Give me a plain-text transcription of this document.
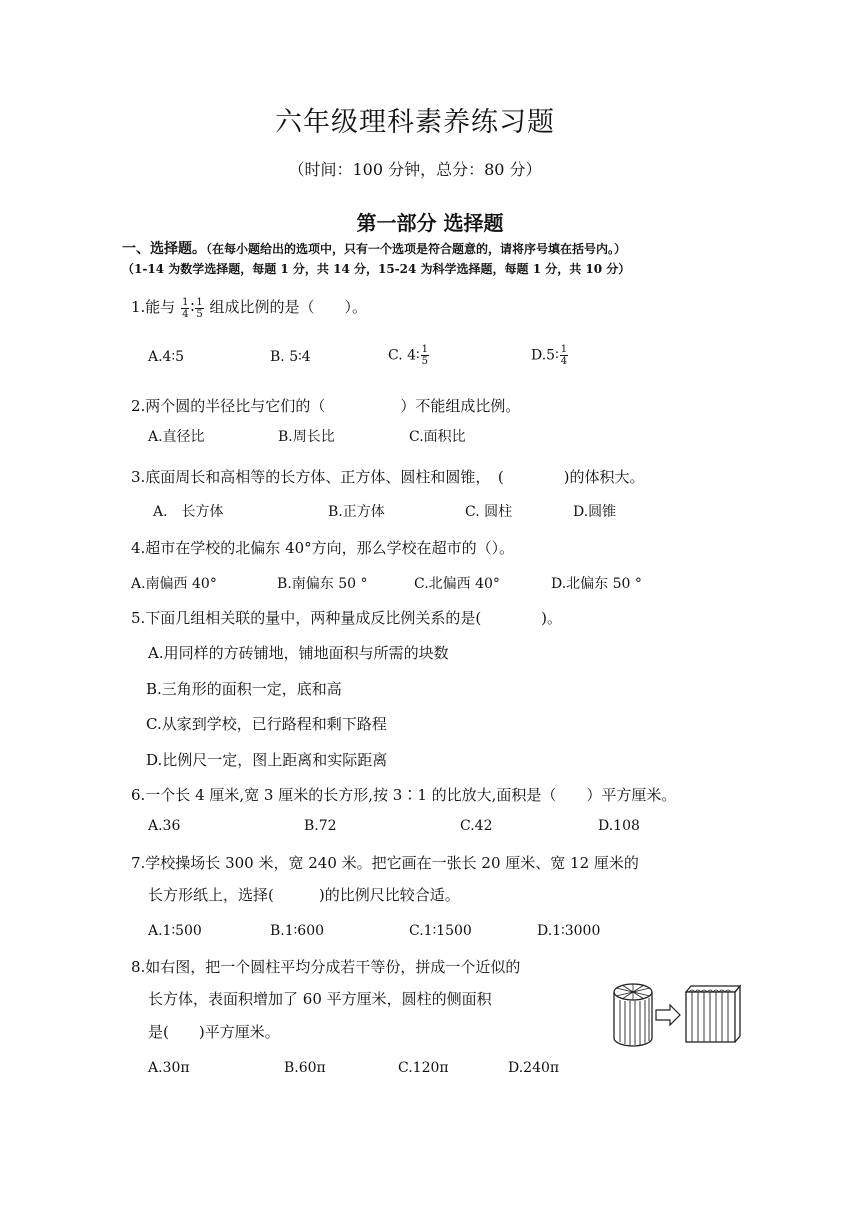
六年级理科素养练习题
（时间：100 分钟，总分：80 分）
第一部分 选择题
一、选择题。（在每小题给出的选项中，只有一个选项是符合题意的，请将序号填在括号内。）
（1-14 为数学选择题，每题 1 分，共 14 分，15-24 为科学选择题，每题 1 分，共 10 分）
1.能与 $\frac{1}{4}$ ∶ $\frac{1}{5}$ 组成比例的是（　　）。
A.4∶5	B. 5∶4	C. 4∶ $\frac{1}{5}$	D.5∶ $\frac{1}{4}$
2.两个圆的半径比与它们的（　　　　　）不能组成比例。
A.直径比	B.周长比	C.面积比
3.底面周长和高相等的长方体、正方体、圆柱和圆锥，　(　　　　)的体积大。
A.　长方体	B.正方体	C. 圆柱	D.圆锥
4.超市在学校的北偏东 40°方向，那么学校在超市的（）。
A.南偏西 40°	B.南偏东 50 °	C.北偏西 40°	D.北偏东 50 °
5.下面几组相关联的量中，两种量成反比例关系的是(　　　　)。
A.用同样的方砖铺地，铺地面积与所需的块数
B.三角形的面积一定，底和高
C.从家到学校，已行路程和剩下路程
D.比例尺一定，图上距离和实际距离
6.一个长 4 厘米,宽 3 厘米的长方形,按 3∶1 的比放大,面积是（　　）平方厘米。
A.36	B.72	C.42	D.108
7.学校操场长 300 米，宽 240 米。把它画在一张长 20 厘米、宽 12 厘米的
长方形纸上，选择(　　　)的比例尺比较合适。
A.1∶500	B.1∶600	C.1∶1500	D.1∶3000
8.如右图，把一个圆柱平均分成若干等份，拼成一个近似的
长方体，表面积增加了 60 平方厘米，圆柱的侧面积
是(　　)平方厘米。
A.30π	B.60π	C.120π	D.240π
